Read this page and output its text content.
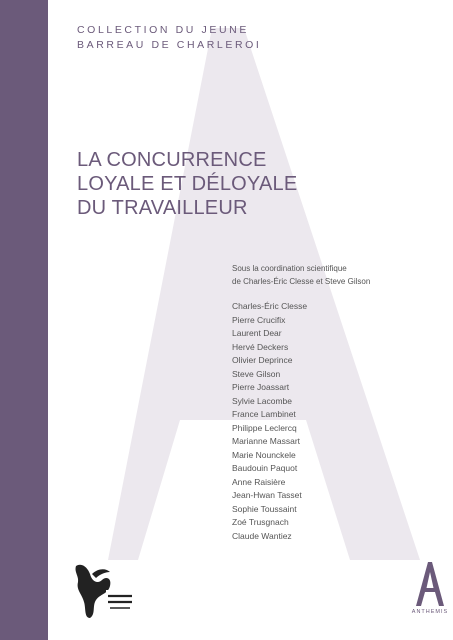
COLLECTION DU JEUNE
BARREAU DE CHARLEROI
LA CONCURRENCE
LOYALE ET DÉLOYALE
DU TRAVAILLEUR

Sous la coordination scientifique
de Charles-Éric Clesse et Steve Gilson

Charles-Éric Clesse
Pierre Crucifix
Laurent Dear
Hervé Deckers
Olivier Deprince
Steve Gilson
Pierre Joassart
Sylvie Lacombe
France Lambinet
Philippe Leclercq
Marianne Massart
Marie Nounckele
Baudouin Paquot
Anne Raisière
Jean-Hwan Tasset
Sophie Toussaint
Zoé Trusgnach
Claude Wantiez
ANTHEMIS
